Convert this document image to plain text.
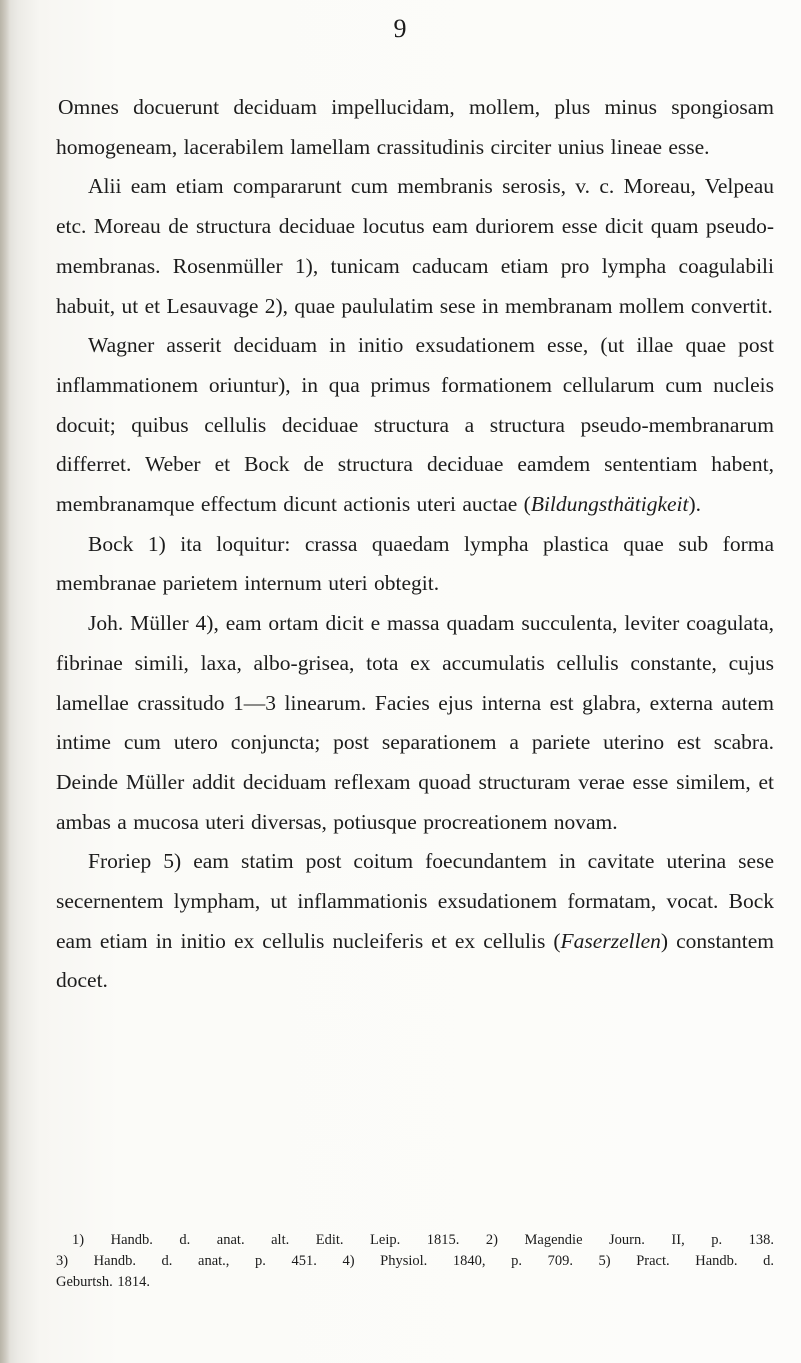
9

Omnes docuerunt deciduam impellucidam, mollem, plus minus spongiosam homogeneam, lacerabilem lamellam crassitudinis circiter unius lineae esse.

Alii eam etiam compararunt cum membranis serosis, v. c. Moreau, Velpeau etc. Moreau de structura deciduae locutus eam duriorem esse dicit quam pseudo-membranas. Rosenmüller 1), tunicam caducam etiam pro lympha coagulabili habuit, ut et Lesauvage 2), quae paululatim sese in membranam mollem convertit.

Wagner asserit deciduam in initio exsudationem esse, (ut illae quae post inflammationem oriuntur), in qua primus formationem cellularum cum nucleis docuit; quibus cellulis deciduae structura a structura pseudo-membranarum differret. Weber et Bock de structura deciduae eamdem sententiam habent, membranamque effectum dicunt actionis uteri auctae (Bildungsthätigkeit).

Bock 1) ita loquitur: crassa quaedam lympha plastica quae sub forma membranae parietem internum uteri obtegit.

Joh. Müller 4), eam ortam dicit e massa quadam succulenta, leviter coagulata, fibrinae simili, laxa, albo-grisea, tota ex accumulatis cellulis constante, cujus lamellae crassitudo 1—3 linearum. Facies ejus interna est glabra, externa autem intime cum utero conjuncta; post separationem a pariete uterino est scabra. Deinde Müller addit deciduam reflexam quoad structuram verae esse similem, et ambas a mucosa uteri diversas, potiusque procreationem novam.

Froriep 5) eam statim post coitum foecundantem in cavitate uterina sese secernentem lympham, ut inflammationis exsudationem formatam, vocat. Bock eam etiam in initio ex cellulis nucleiferis et ex cellulis (Faserzellen) constantem docet.

1) Handb. d. anat. alt. Edit. Leip. 1815. 2) Magendie Journ. II, p. 138.

3) Handb. d. anat., p. 451. 4) Physiol. 1840, p. 709. 5) Pract. Handb. d.

Geburtsh. 1814.
